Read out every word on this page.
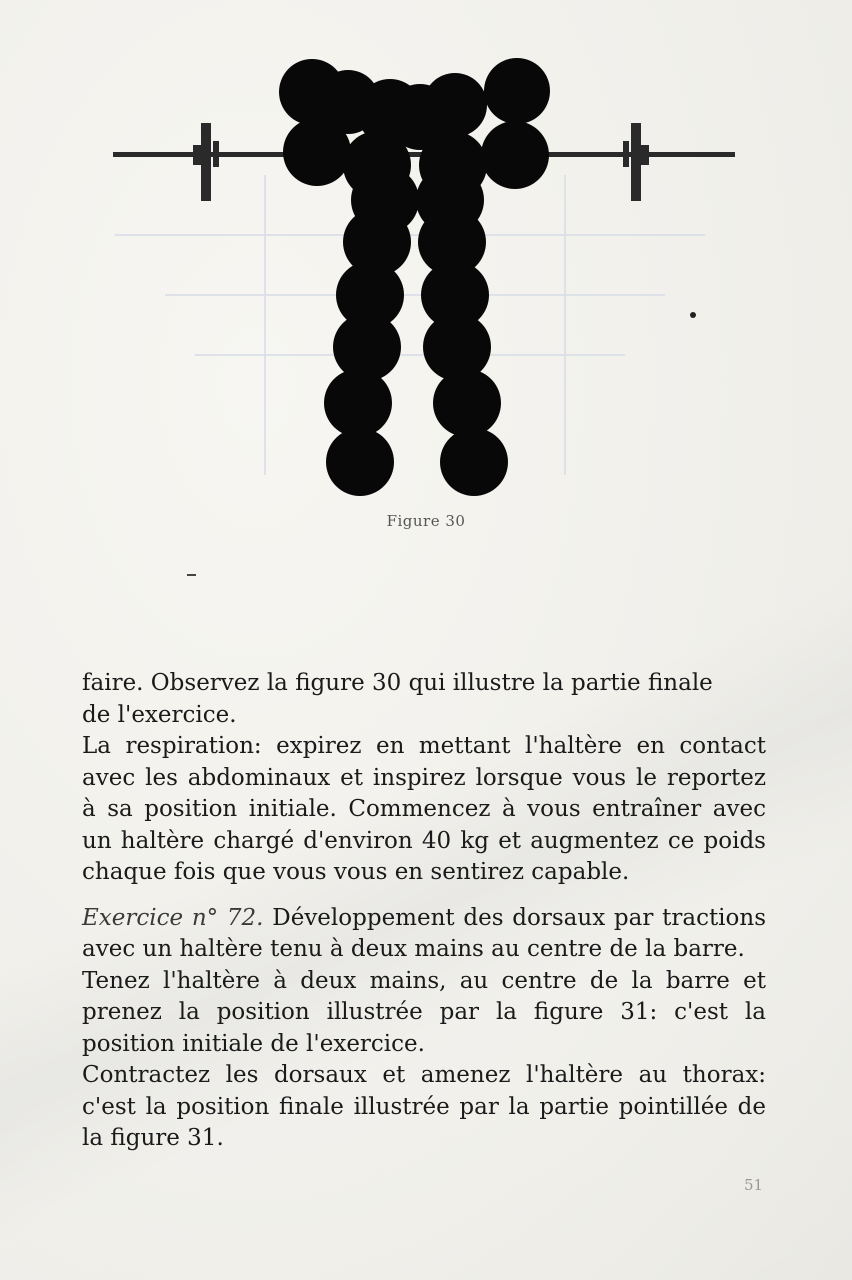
Figure 30

faire. Observez la figure 30 qui illustre la partie finale
de l'exercice.

La respiration: expirez en mettant l'haltère en contact avec les abdominaux et inspirez lorsque vous le reportez à sa position initiale. Commencez à vous entraîner avec un haltère chargé d'environ 40 kg et augmentez ce poids chaque fois que vous vous en sentirez capable.

Exercice n° 72. Développement des dorsaux par tractions avec un haltère tenu à deux mains au centre de la barre.

Tenez l'haltère à deux mains, au centre de la barre et prenez la position illustrée par la figure 31: c'est la position initiale de l'exercice.

Contractez les dorsaux et amenez l'haltère au thorax: c'est la position finale illustrée par la partie pointillée de la figure 31.

51
